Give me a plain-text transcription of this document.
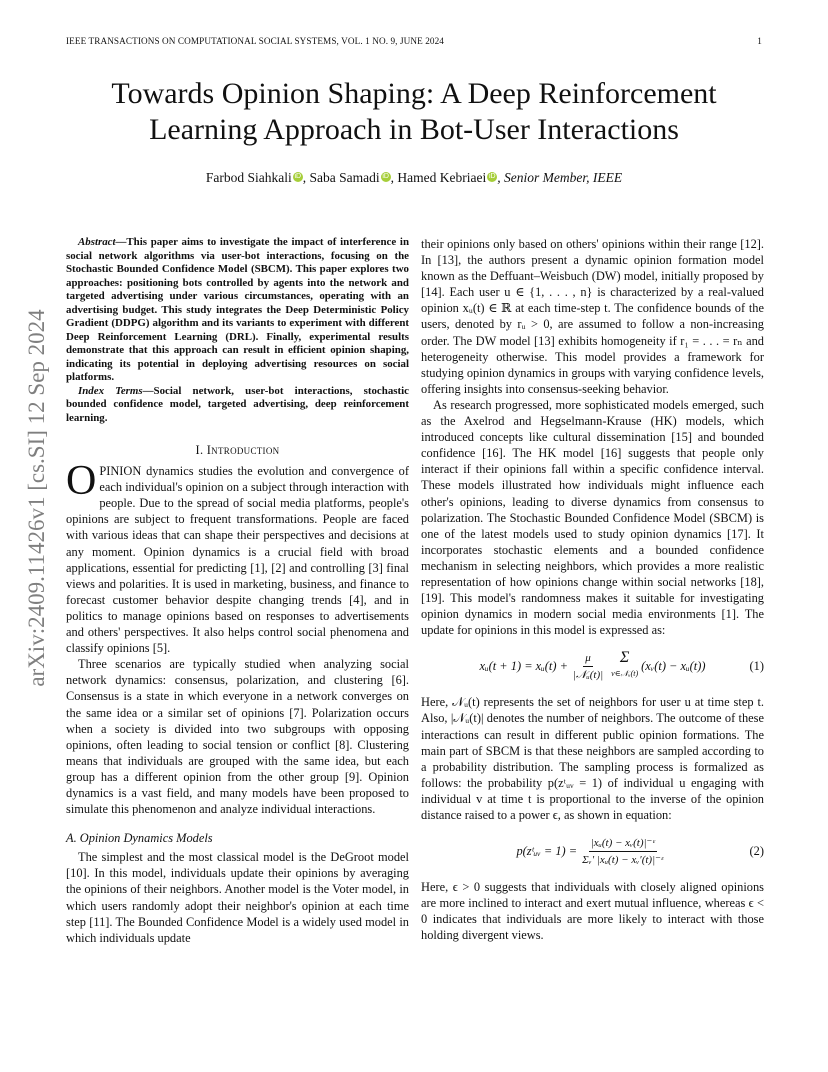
IEEE TRANSACTIONS ON COMPUTATIONAL SOCIAL SYSTEMS, VOL. 1 NO. 9, JUNE 2024	1
arXiv:2409.11426v1 [cs.SI] 12 Sep 2024
Towards Opinion Shaping: A Deep Reinforcement
Learning Approach in Bot-User Interactions
Farbod Siahkali iD , Saba Samadi iD , Hamed Kebriaei iD , Senior Member, IEEE

Abstract—This paper aims to investigate the impact of interference in social network algorithms via user-bot interactions, focusing on the Stochastic Bounded Confidence Model (SBCM). This paper explores two approaches: positioning bots controlled by agents into the network and targeted advertising under various circumstances, operating with an advertising budget. This study integrates the Deep Deterministic Policy Gradient (DDPG) algorithm and its variants to experiment with different Deep Reinforcement Learning (DRL). Finally, experimental results demonstrate that this approach can result in efficient opinion shaping, indicating its potential in deploying advertising resources on social platforms.

Index Terms—Social network, user-bot interactions, stochastic bounded confidence model, targeted advertising, deep reinforcement learning.

I. Introduction

OPINION dynamics studies the evolution and convergence of each individual's opinion on a subject through interaction with people. Due to the spread of social media platforms, people's opinions are subject to frequent transformations. People are faced with various ideas that can shape their perspectives and decisions at any moment. Opinion dynamics is a crucial field with broad applications, essential for predicting [1], [2] and controlling [3] final views and polarities. It is used in marketing, business, and finance to forecast customer behavior despite changing trends [4], and in politics to manage opinions based on responses to advertisements and others' perspectives. It also helps control social phenomena and classify opinions [5].

Three scenarios are typically studied when analyzing social network dynamics: consensus, polarization, and clustering [6]. Consensus is a state in which everyone in a network converges on the same idea or a similar set of opinions [7]. Polarization occurs when a society is divided into two subgroups with opposing opinions, often leading to social tension or conflict [8]. Clustering means that individuals are grouped with the same idea, but each group has a different opinion from the other group [9]. Opinion dynamics is a vast field, and many models have been proposed to simulate this phenomenon and analyze individual interactions.

A. Opinion Dynamics Models

The simplest and the most classical model is the DeGroot model [10]. In this model, individuals update their opinions by averaging the opinions of their neighbors. Another model is the Voter model, in which users randomly adopt their neighbor's opinion at each time step [11]. The Bounded Confidence Model is a widely used model in which individuals update

their opinions only based on others' opinions within their range [12]. In [13], the authors present a dynamic opinion formation model known as the Deffuant–Weisbuch (DW) model, initially proposed by [14]. Each user u ∈ {1, . . . , n} is characterized by a real-valued opinion xᵤ(t) ∈ ℝ at each time-step t. The confidence bounds of the users, denoted by rᵤ > 0, are assumed to follow a non-increasing order. The DW model [13] exhibits homogeneity if r₁ = . . . = rₙ and heterogeneity otherwise. This model provides a framework for studying opinion dynamics in groups with varying confidence levels, offering insights into consensus-seeking behavior.

As research progressed, more sophisticated models emerged, such as the Axelrod and Hegselmann-Krause (HK) models, which introduced concepts like cultural dissemination [15] and bounded confidence [16]. The HK model [16] suggests that people only interact if their opinions fall within a specific confidence interval. These models illustrated how individuals might influence each other's opinions, leading to diverse dynamics from consensus to polarization. The Stochastic Bounded Confidence Model (SBCM) is one of the latest models used to study opinion dynamics [17]. It incorporates stochastic elements and a bounded confidence mechanism in selecting neighbors, which provides a more realistic representation of how opinions change within social networks [18], [19]. This model's randomness makes it suitable for investigating opinion dynamics in modern social media environments [1]. The update for opinions in this model is expressed as:

xᵤ(t + 1) = xᵤ(t) + $\frac{\mu}{\text{|𝒩ᵤ(t)|}}$ Σ
v∈𝒩ᵤ(t)
(xᵥ(t) − xᵤ(t))	(1)

Here, 𝒩ᵤ(t) represents the set of neighbors for user u at time step t. Also, |𝒩ᵤ(t)| denotes the number of neighbors. The outcome of these interactions can result in different public opinion formations. The main part of SBCM is that these neighbors are sampled according to a probability distribution. The sampling process is formalized as follows: the probability p(zᵗᵤᵥ = 1) of individual u engaging with individual v at time t is proportional to the inverse of the opinion distance raised to a power ϵ, as shown in equation:

p(zᵗᵤᵥ = $1) = \frac{\text{|xᵤ(t) − xᵥ(t)|⁻ᵋ}}{\text{Σᵥ′ |xᵤ(t) − xᵥ′(t)|⁻ᵋ}}$	(2)

Here, ϵ > 0 suggests that individuals with closely aligned opinions are more inclined to interact and exert mutual influence, whereas ϵ < 0 indicates that individuals are more likely to interact with those holding divergent views.
